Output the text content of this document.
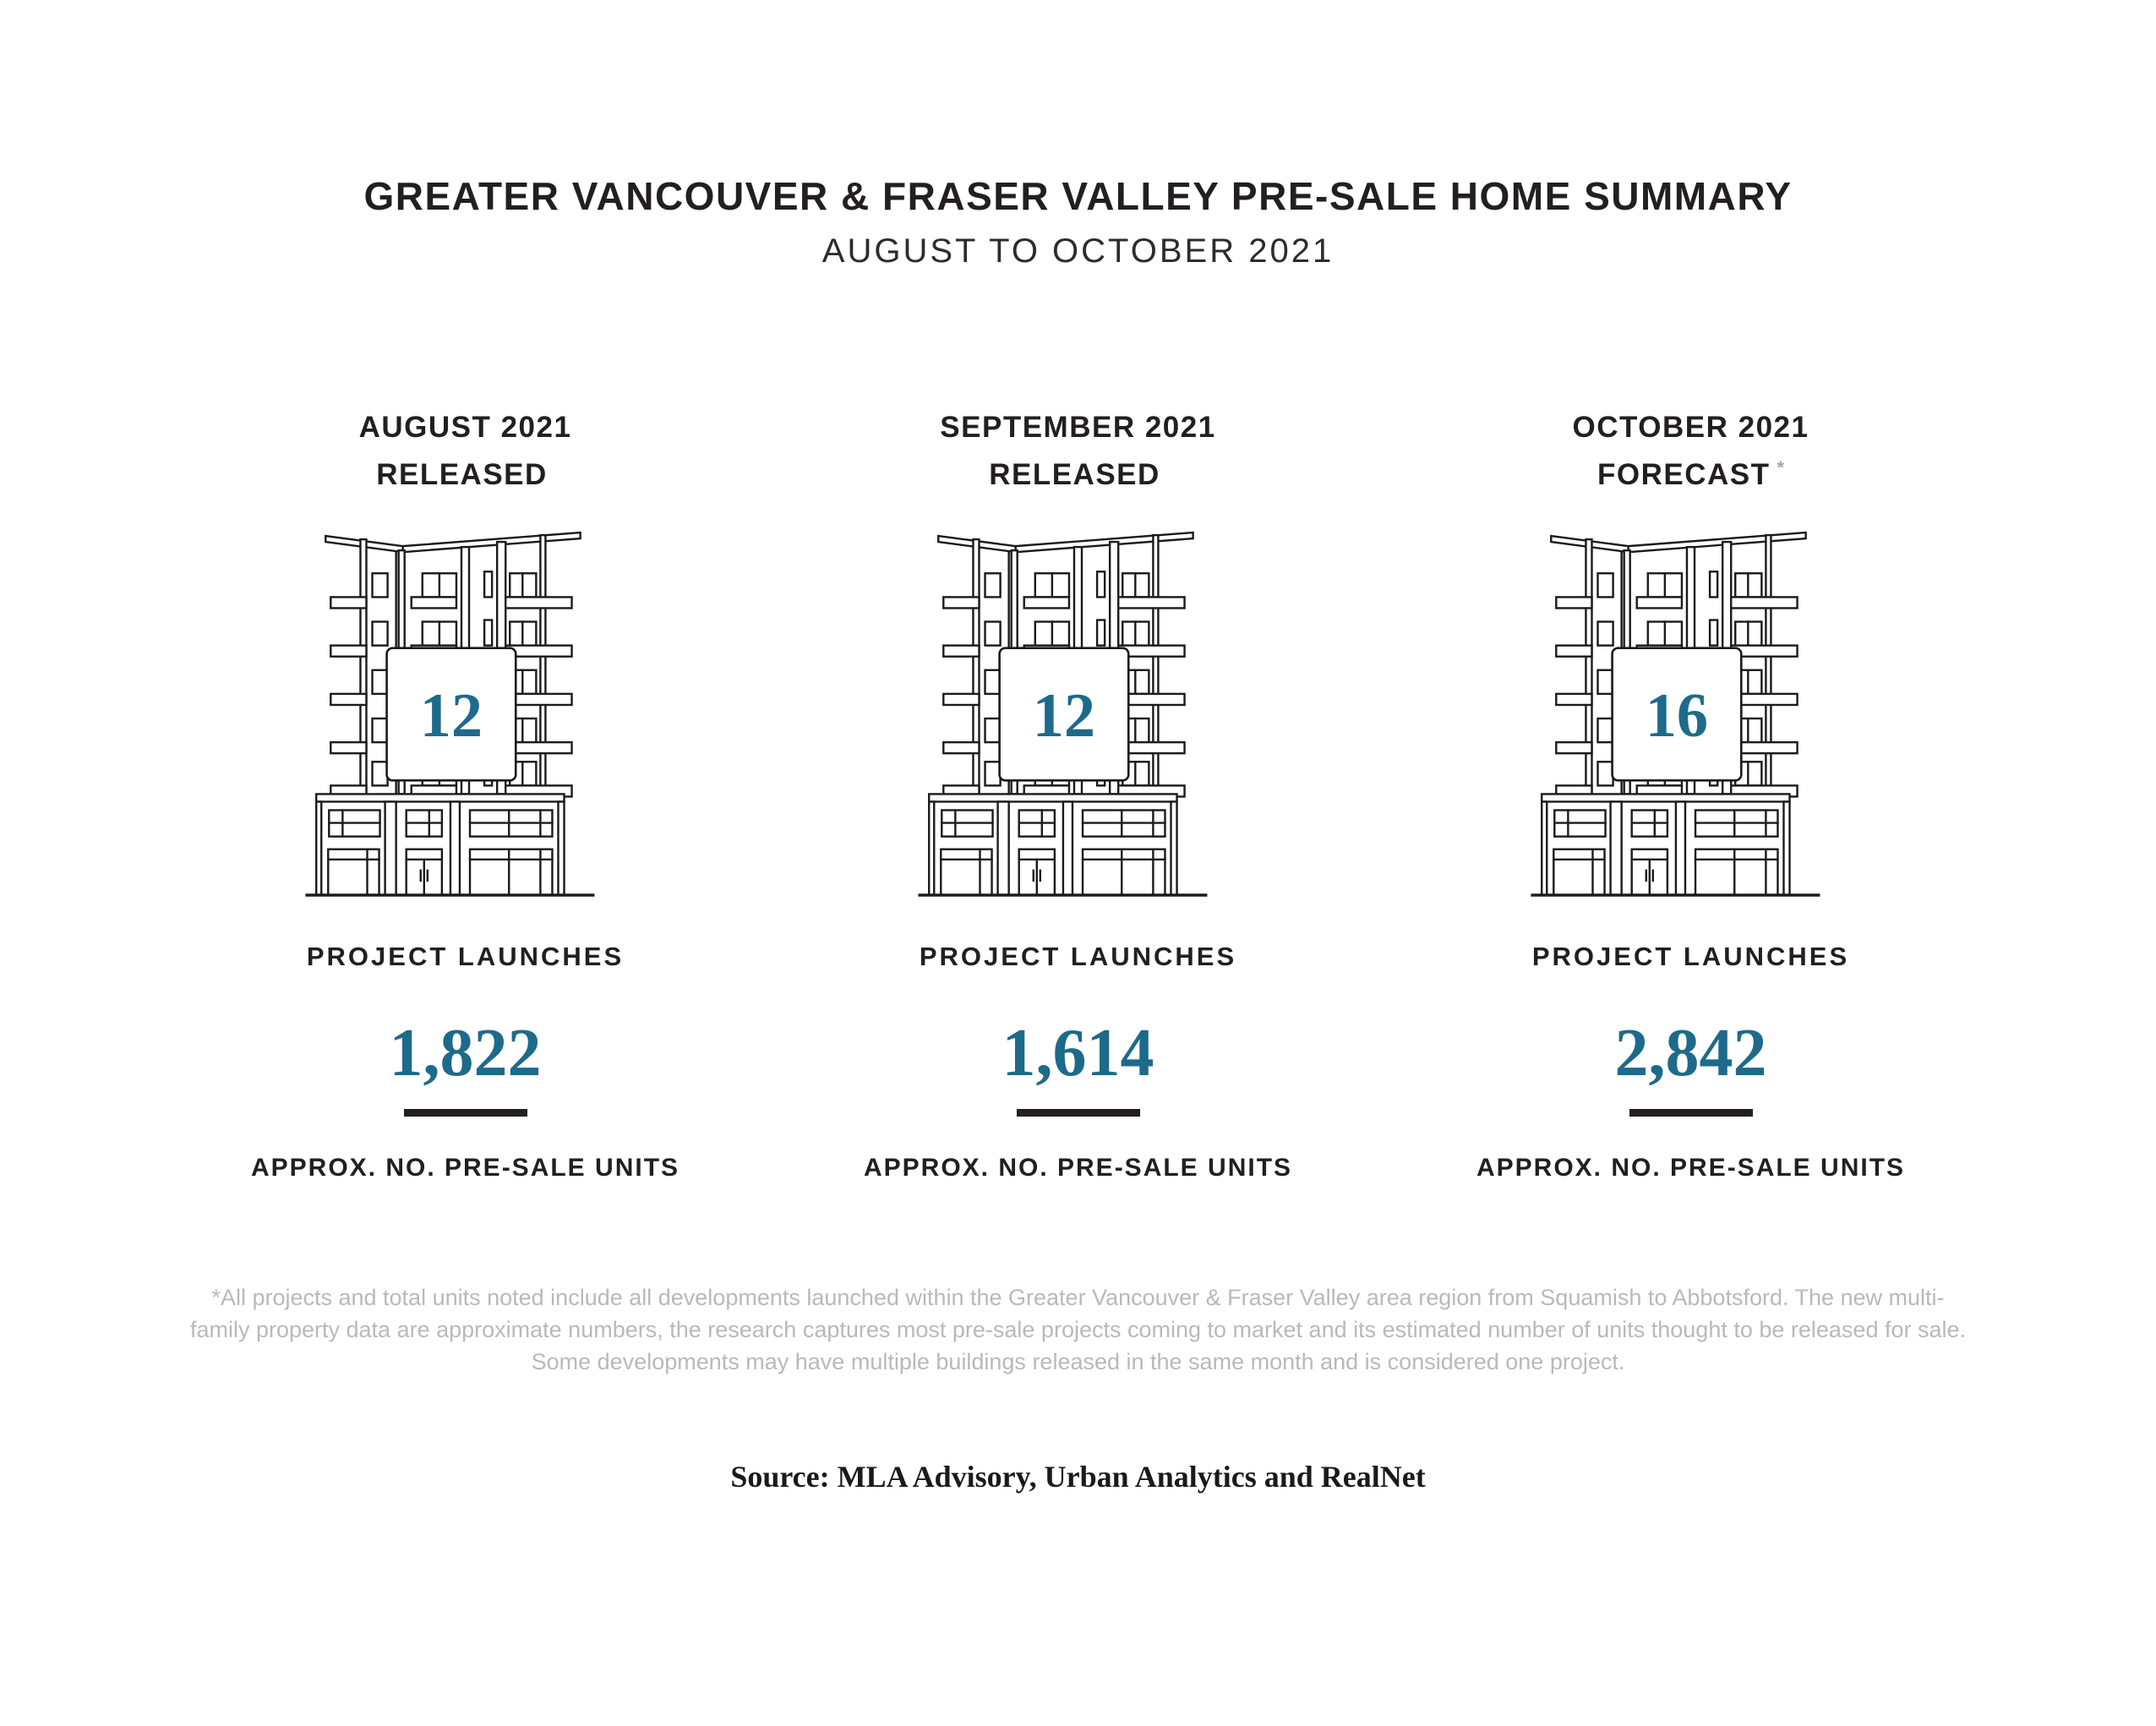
GREATER VANCOUVER & FRASER VALLEY PRE-SALE HOME SUMMARY
AUGUST TO OCTOBER 2021
AUGUST 2021
RELEASED
12
PROJECT LAUNCHES
1,822
APPROX. NO. PRE-SALE UNITS
SEPTEMBER 2021
RELEASED
12
PROJECT LAUNCHES
1,614
APPROX. NO. PRE-SALE UNITS
OCTOBER 2021
FORECAST *
16
PROJECT LAUNCHES
2,842
APPROX. NO. PRE-SALE UNITS

*All projects and total units noted include all developments launched within the Greater Vancouver & Fraser Valley area region from Squamish to Abbotsford. The new multi-family property data are approximate numbers, the research captures most pre-sale projects coming to market and its estimated number of units thought to be released for sale. Some developments may have multiple buildings released in the same month and is considered one project.

Source: MLA Advisory, Urban Analytics and RealNet
